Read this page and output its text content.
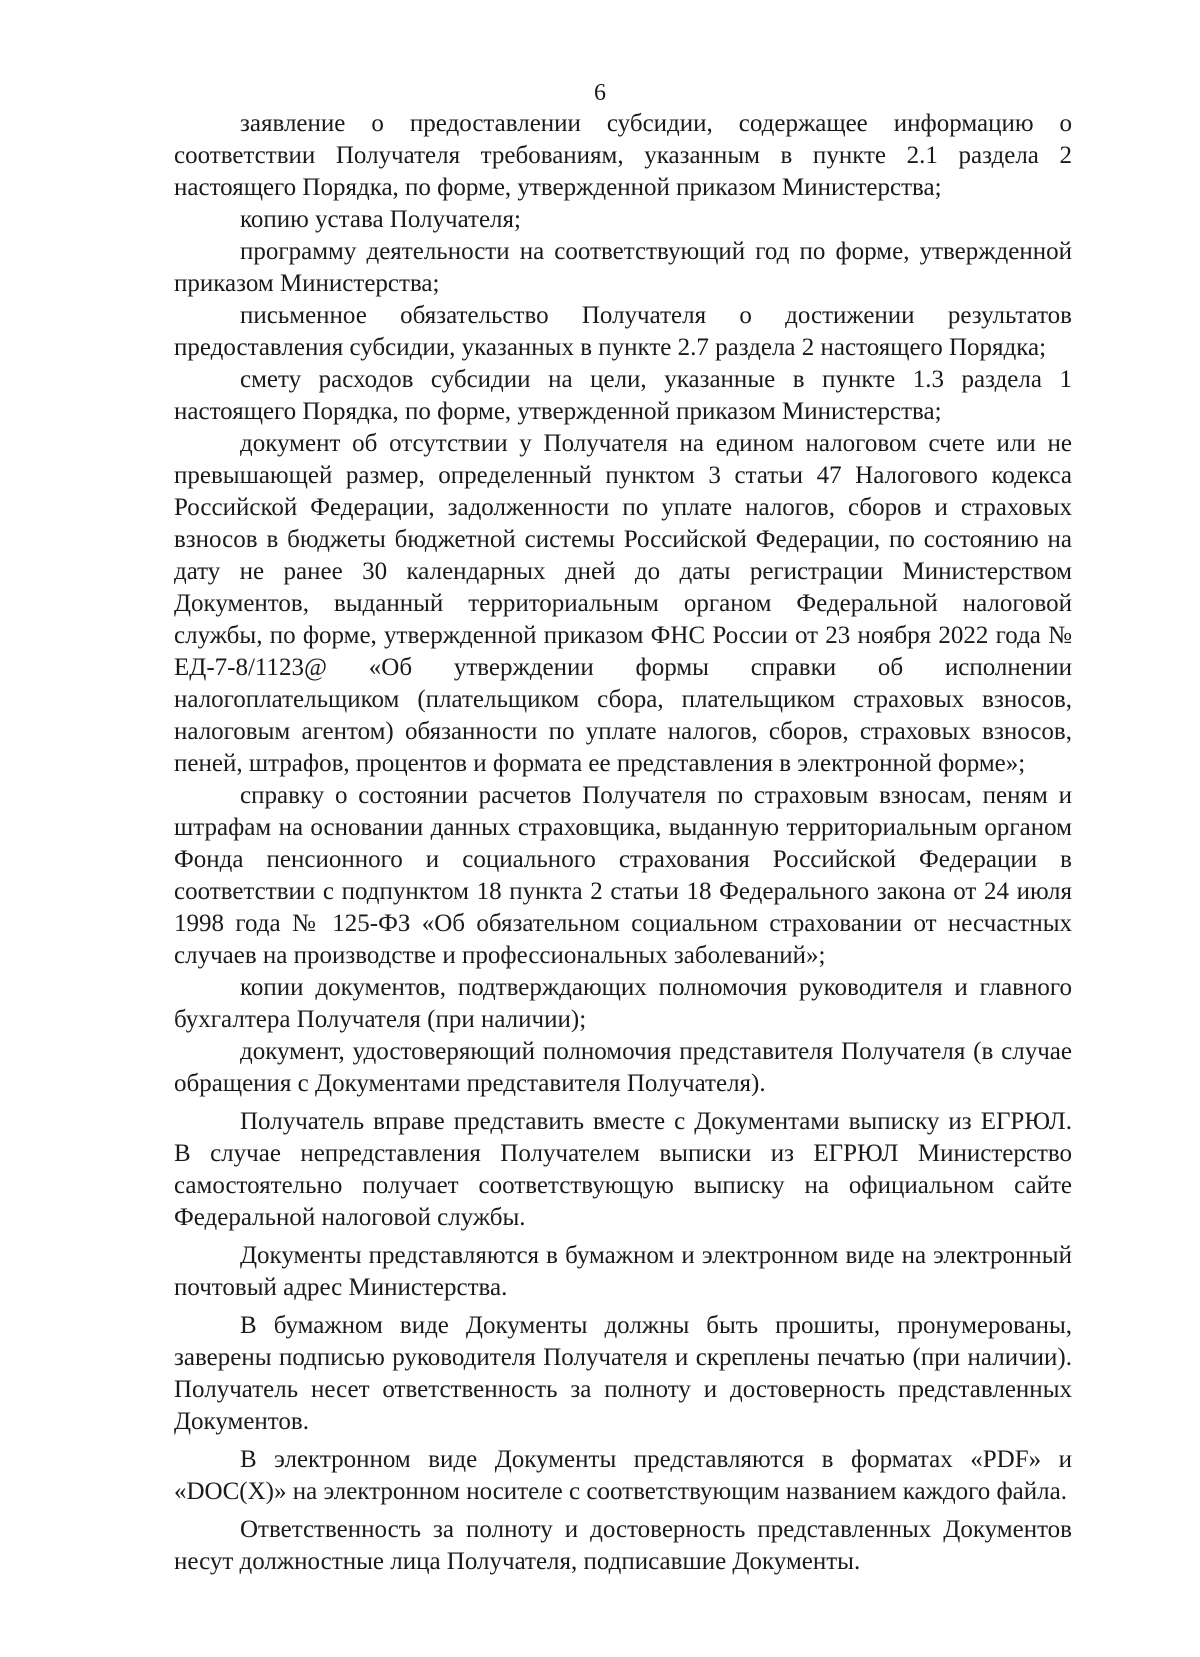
6

заявление о предоставлении субсидии, содержащее информацию о соответствии Получателя требованиям, указанным в пункте 2.1 раздела 2 настоящего Порядка, по форме, утвержденной приказом Министерства;

копию устава Получателя;

программу деятельности на соответствующий год по форме, утвержденной приказом Министерства;

письменное обязательство Получателя о достижении результатов предоставления субсидии, указанных в пункте 2.7 раздела 2 настоящего Порядка;

смету расходов субсидии на цели, указанные в пункте 1.3 раздела 1 настоящего Порядка, по форме, утвержденной приказом Министерства;

документ об отсутствии у Получателя на едином налоговом счете или не превышающей размер, определенный пунктом 3 статьи 47 Налогового кодекса Российской Федерации, задолженности по уплате налогов, сборов и страховых взносов в бюджеты бюджетной системы Российской Федерации, по состоянию на дату не ранее 30 календарных дней до даты регистрации Министерством Документов, выданный территориальным органом Федеральной налоговой службы, по форме, утвержденной приказом ФНС России от 23 ноября 2022 года № ЕД-7-8/1123@ «Об утверждении формы справки об исполнении налогоплательщиком (плательщиком сбора, плательщиком страховых взносов, налоговым агентом) обязанности по уплате налогов, сборов, страховых взносов, пеней, штрафов, процентов и формата ее представления в электронной форме»;

справку о состоянии расчетов Получателя по страховым взносам, пеням и штрафам на основании данных страховщика, выданную территориальным органом Фонда пенсионного и социального страхования Российской Федерации в соответствии с подпунктом 18 пункта 2 статьи 18 Федерального закона от 24 июля 1998 года № 125-ФЗ «Об обязательном социальном страховании от несчастных случаев на производстве и профессиональных заболеваний»;

копии документов, подтверждающих полномочия руководителя и главного бухгалтера Получателя (при наличии);

документ, удостоверяющий полномочия представителя Получателя (в случае обращения с Документами представителя Получателя).

Получатель вправе представить вместе с Документами выписку из ЕГРЮЛ. В случае непредставления Получателем выписки из ЕГРЮЛ Министерство самостоятельно получает соответствующую выписку на официальном сайте Федеральной налоговой службы.

Документы представляются в бумажном и электронном виде на электронный почтовый адрес Министерства.

В бумажном виде Документы должны быть прошиты, пронумерованы, заверены подписью руководителя Получателя и скреплены печатью (при наличии). Получатель несет ответственность за полноту и достоверность представленных Документов.

В электронном виде Документы представляются в форматах «PDF» и «DOC(X)» на электронном носителе с соответствующим названием каждого файла.

Ответственность за полноту и достоверность представленных Документов несут должностные лица Получателя, подписавшие Документы.
